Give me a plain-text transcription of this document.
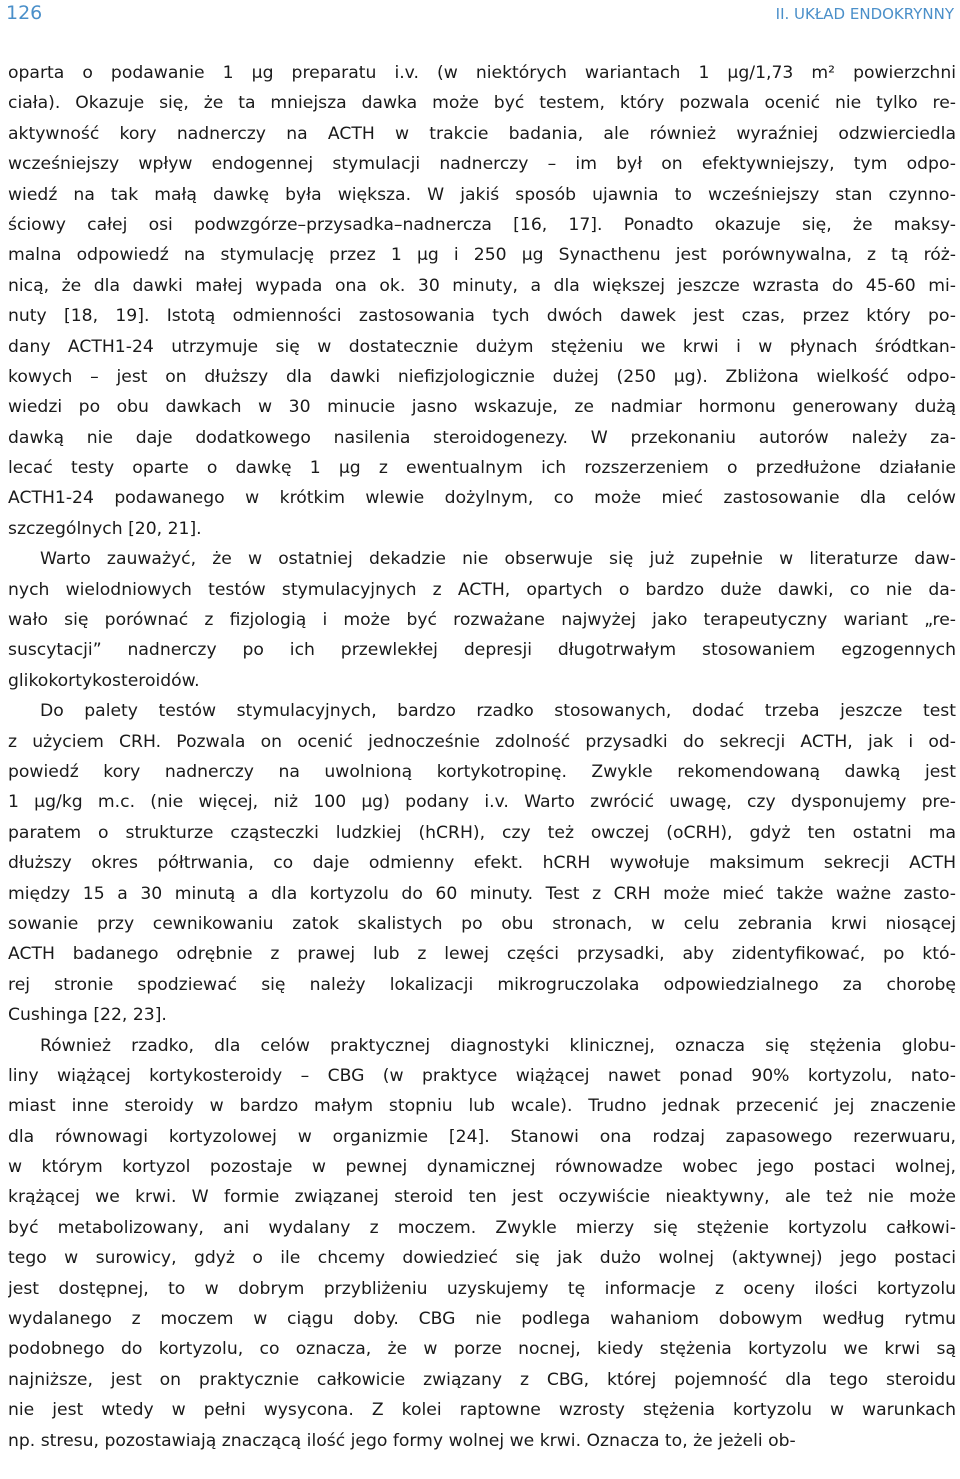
126	II. UKŁAD ENDOKRYNNY
oparta o podawanie 1 µg preparatu i.v. (w niektórych wariantach 1 µg/1,73 m² powierzchni
ciała). Okazuje się, że ta mniejsza dawka może być testem, który pozwala ocenić nie tylko re-
aktywność kory nadnerczy na ACTH w trakcie badania, ale również wyraźniej odzwierciedla
wcześniejszy wpływ endogennej stymulacji nadnerczy – im był on efektywniejszy, tym odpo-
wiedź na tak małą dawkę była większa. W jakiś sposób ujawnia to wcześniejszy stan czynno-
ściowy całej osi podwzgórze–przysadka–nadnercza [16, 17]. Ponadto okazuje się, że maksy-
malna odpowiedź na stymulację przez 1 µg i 250 µg Synacthenu jest porównywalna, z tą róż-
nicą, że dla dawki małej wypada ona ok. 30 minuty, a dla większej jeszcze wzrasta do 45-60 mi-
nuty [18, 19]. Istotą odmienności zastosowania tych dwóch dawek jest czas, przez który po-
dany ACTH1-24 utrzymuje się w dostatecznie dużym stężeniu we krwi i w płynach śródtkan-
kowych – jest on dłuższy dla dawki niefizjologicznie dużej (250 µg). Zbliżona wielkość odpo-
wiedzi po obu dawkach w 30 minucie jasno wskazuje, ze nadmiar hormonu generowany dużą
dawką nie daje dodatkowego nasilenia steroidogenezy. W przekonaniu autorów należy za-
lecać testy oparte o dawkę 1 µg z ewentualnym ich rozszerzeniem o przedłużone działanie
ACTH1-24 podawanego w krótkim wlewie dożylnym, co może mieć zastosowanie dla celów
szczególnych [20, 21].
Warto zauważyć, że w ostatniej dekadzie nie obserwuje się już zupełnie w literaturze daw-
nych wielodniowych testów stymulacyjnych z ACTH, opartych o bardzo duże dawki, co nie da-
wało się porównać z fizjologią i może być rozważane najwyżej jako terapeutyczny wariant „re-
suscytacji” nadnerczy po ich przewlekłej depresji długotrwałym stosowaniem egzogennych
glikokortykosteroidów.
Do palety testów stymulacyjnych, bardzo rzadko stosowanych, dodać trzeba jeszcze test
z użyciem CRH. Pozwala on ocenić jednocześnie zdolność przysadki do sekrecji ACTH, jak i od-
powiedź kory nadnerczy na uwolnioną kortykotropinę. Zwykle rekomendowaną dawką jest
1 µg/kg m.c. (nie więcej, niż 100 µg) podany i.v. Warto zwrócić uwagę, czy dysponujemy pre-
paratem o strukturze cząsteczki ludzkiej (hCRH), czy też owczej (oCRH), gdyż ten ostatni ma
dłuższy okres półtrwania, co daje odmienny efekt. hCRH wywołuje maksimum sekrecji ACTH
między 15 a 30 minutą a dla kortyzolu do 60 minuty. Test z CRH może mieć także ważne zasto-
sowanie przy cewnikowaniu zatok skalistych po obu stronach, w celu zebrania krwi niosącej
ACTH badanego odrębnie z prawej lub z lewej części przysadki, aby zidentyfikować, po któ-
rej stronie spodziewać się należy lokalizacji mikrogruczolaka odpowiedzialnego za chorobę
Cushinga [22, 23].
Również rzadko, dla celów praktycznej diagnostyki klinicznej, oznacza się stężenia globu-
liny wiążącej kortykosteroidy – CBG (w praktyce wiążącej nawet ponad 90% kortyzolu, nato-
miast inne steroidy w bardzo małym stopniu lub wcale). Trudno jednak przecenić jej znaczenie
dla równowagi kortyzolowej w organizmie [24]. Stanowi ona rodzaj zapasowego rezerwuaru,
w którym kortyzol pozostaje w pewnej dynamicznej równowadze wobec jego postaci wolnej,
krążącej we krwi. W formie związanej steroid ten jest oczywiście nieaktywny, ale też nie może
być metabolizowany, ani wydalany z moczem. Zwykle mierzy się stężenie kortyzolu całkowi-
tego w surowicy, gdyż o ile chcemy dowiedzieć się jak dużo wolnej (aktywnej) jego postaci
jest dostępnej, to w dobrym przybliżeniu uzyskujemy tę informacje z oceny ilości kortyzolu
wydalanego z moczem w ciągu doby. CBG nie podlega wahaniom dobowym według rytmu
podobnego do kortyzolu, co oznacza, że w porze nocnej, kiedy stężenia kortyzolu we krwi są
najniższe, jest on praktycznie całkowicie związany z CBG, której pojemność dla tego steroidu
nie jest wtedy w pełni wysycona. Z kolei raptowne wzrosty stężenia kortyzolu w warunkach
np. stresu, pozostawiają znaczącą ilość jego formy wolnej we krwi. Oznacza to, że jeżeli ob-
